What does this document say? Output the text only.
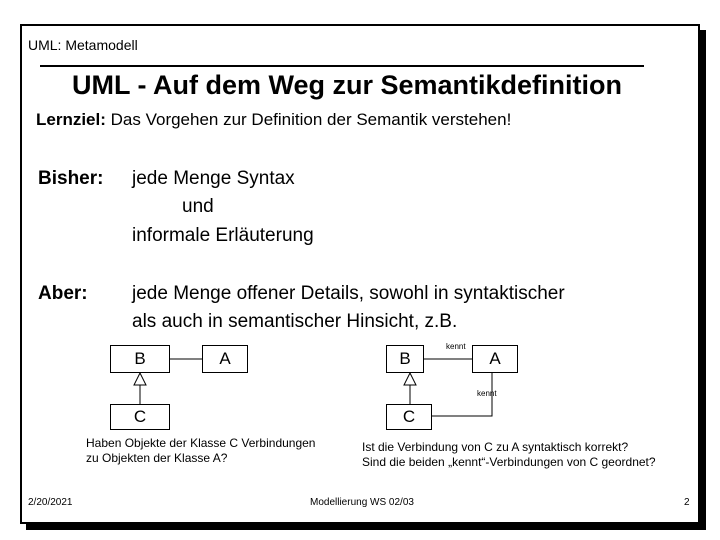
UML: Metamodell
UML - Auf dem Weg zur Semantikdefinition
Lernziel: Das Vorgehen zur Definition der Semantik verstehen!
Bisher: jede Menge Syntax
und
informale Erläuterung
Aber: jede Menge offener Details, sowohl in syntaktischer
als auch in semantischer Hinsicht, z.B.
B	A
C
Haben Objekte der Klasse C Verbindungen
zu Objekten der Klasse A?
B	A
C
kennt
kennt
Ist die Verbindung von C zu A syntaktisch korrekt?
Sind die beiden „kennt“-Verbindungen von C geordnet?
2/20/2021	Modellierung WS 02/03	2
